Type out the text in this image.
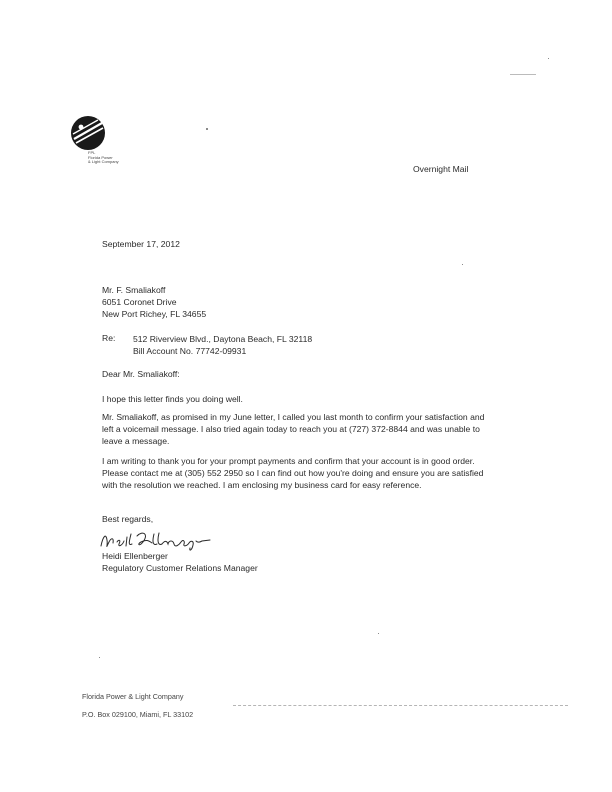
FPL
Florida Power
& Light Company
Overnight Mail
September 17, 2012
Mr. F. Smaliakoff
6051 Coronet Drive
New Port Richey, FL 34655
Re: 512 Riverview Blvd., Daytona Beach, FL 32118
Bill Account No. 77742-09931
Dear Mr. Smaliakoff:
I hope this letter finds you doing well.
Mr. Smaliakoff, as promised in my June letter, I called you last month to confirm your satisfaction and left a voicemail message. I also tried again today to reach you at (727) 372-8844 and was unable to leave a message.
I am writing to thank you for your prompt payments and confirm that your account is in good order. Please contact me at (305) 552 2950 so I can find out how you're doing and ensure you are satisfied with the resolution we reached. I am enclosing my business card for easy reference.
Best regards,
Heidi Ellenberger
Regulatory Customer Relations Manager
Florida Power & Light Company
P.O. Box 029100, Miami, FL 33102
